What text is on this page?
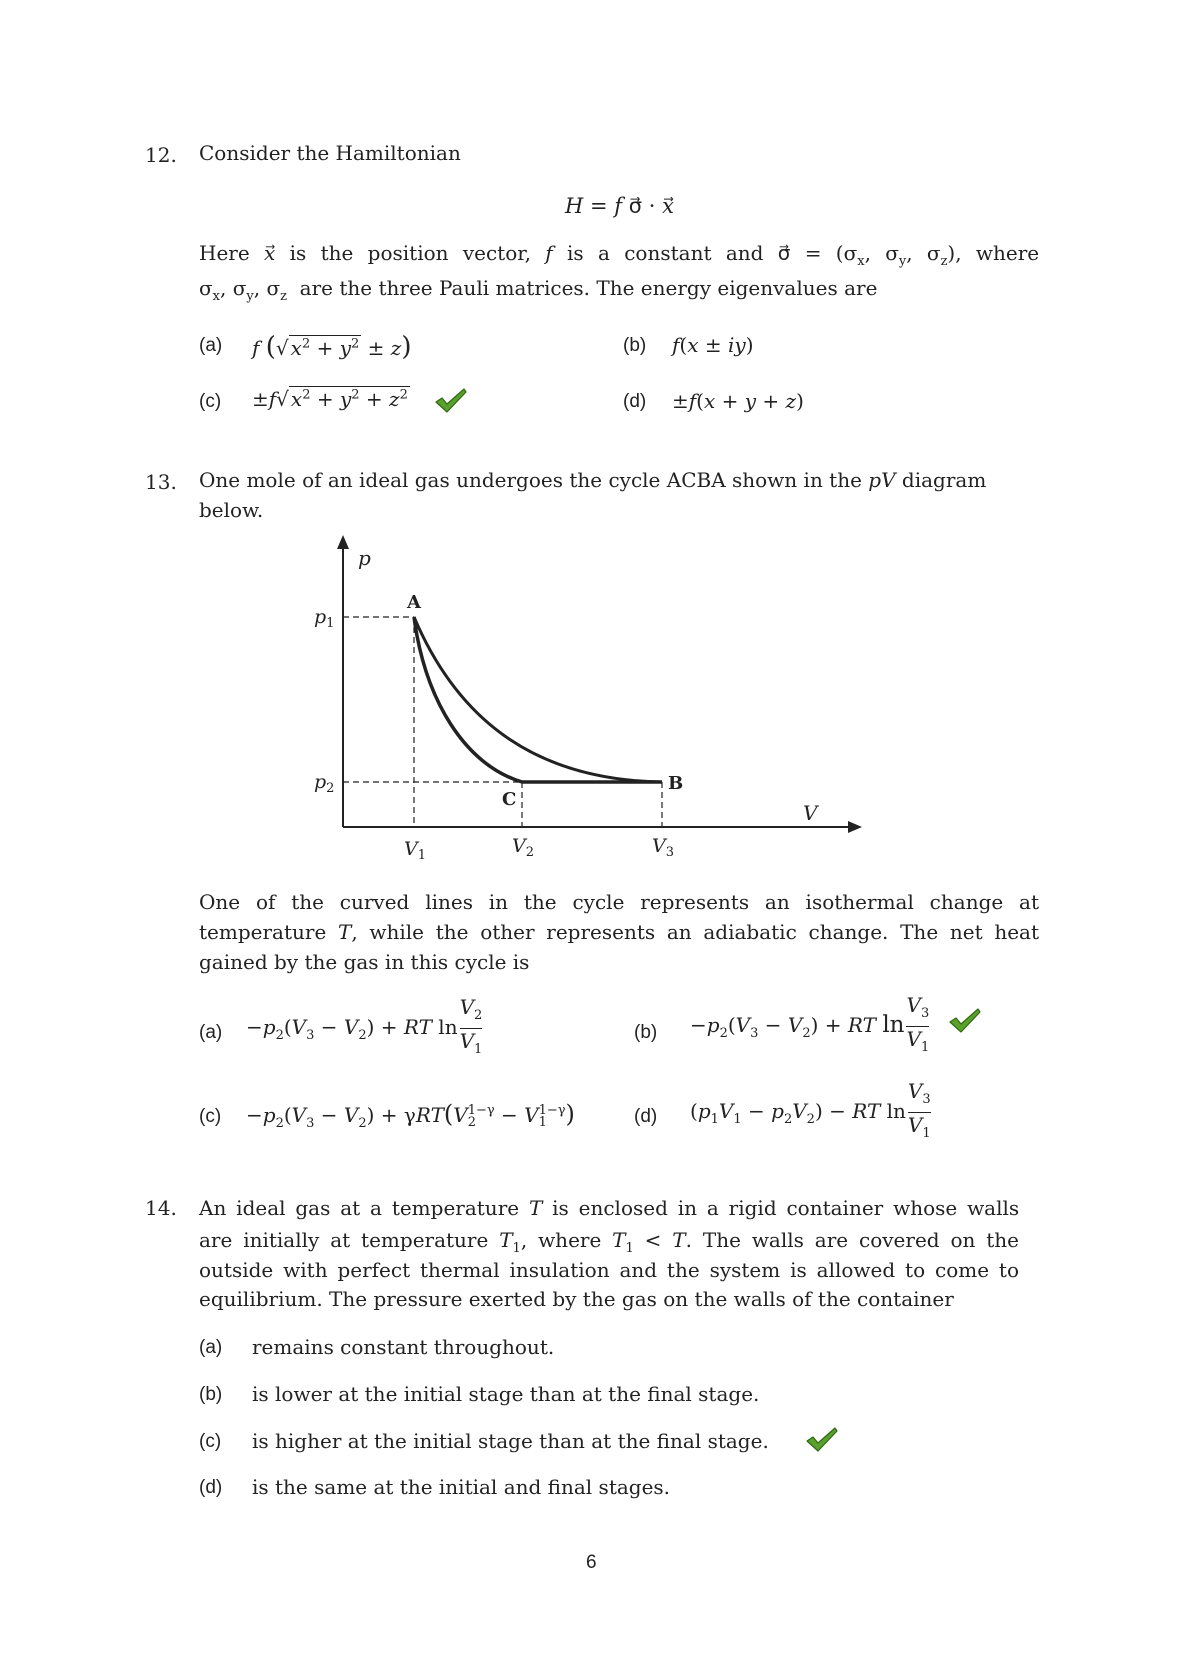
12. Consider the Hamiltonian
H = f σ⃗ · x
Here x⃗ is the position vector, f is a constant and σ⃗ = ($\sigma_x$, $\sigma_y$, $\sigma_z$), where
$\sigma_x$, $\sigma_y$, $\sigma_z$  are the three Pauli matrices. The energy eigenvalues are
(a) f (√ $x^2 + y^2 \pm z$)	(b) f(x ± iy)
(c) ±f√ $x^2 + y^2 + z^2$	(d) ±f(x + y + z)
13. One mole of an ideal gas undergoes the cycle ACBA shown in the pV diagram
below.
p
V
$p_1$
$p_2$
$V_1$	$V_2$	$V_3$
A
B
C
One of the curved lines in the cycle represents an isothermal change at
temperature T, while the other represents an adiabatic change. The net heat
gained by the gas in this cycle is
$(a) -p_2(V_3 - V_2)$ + RT $\ln \frac{V_2}{V_1}$	$(b) -p_2(V_3 - V_2)$ + RT $\ln \frac{V_3}{V_1}$
$(c) -p_2(V_3 - V_2) + \gamma RT(V$ 1−γ
2 − V 1−γ
1 )	(d) $(p_1V_1 - p_2V_2)$ − RT $\ln \frac{V_3}{V_1}$
14. An ideal gas at a temperature T is enclosed in a rigid container whose walls
are initially at temperature $T_1$, where $T_1 < T$. The walls are covered on the
outside with perfect thermal insulation and the system is allowed to come to
equilibrium. The pressure exerted by the gas on the walls of the container
(a) remains constant throughout.
(b) is lower at the initial stage than at the final stage.
(c) is higher at the initial stage than at the final stage.
(d) is the same at the initial and final stages.
6
